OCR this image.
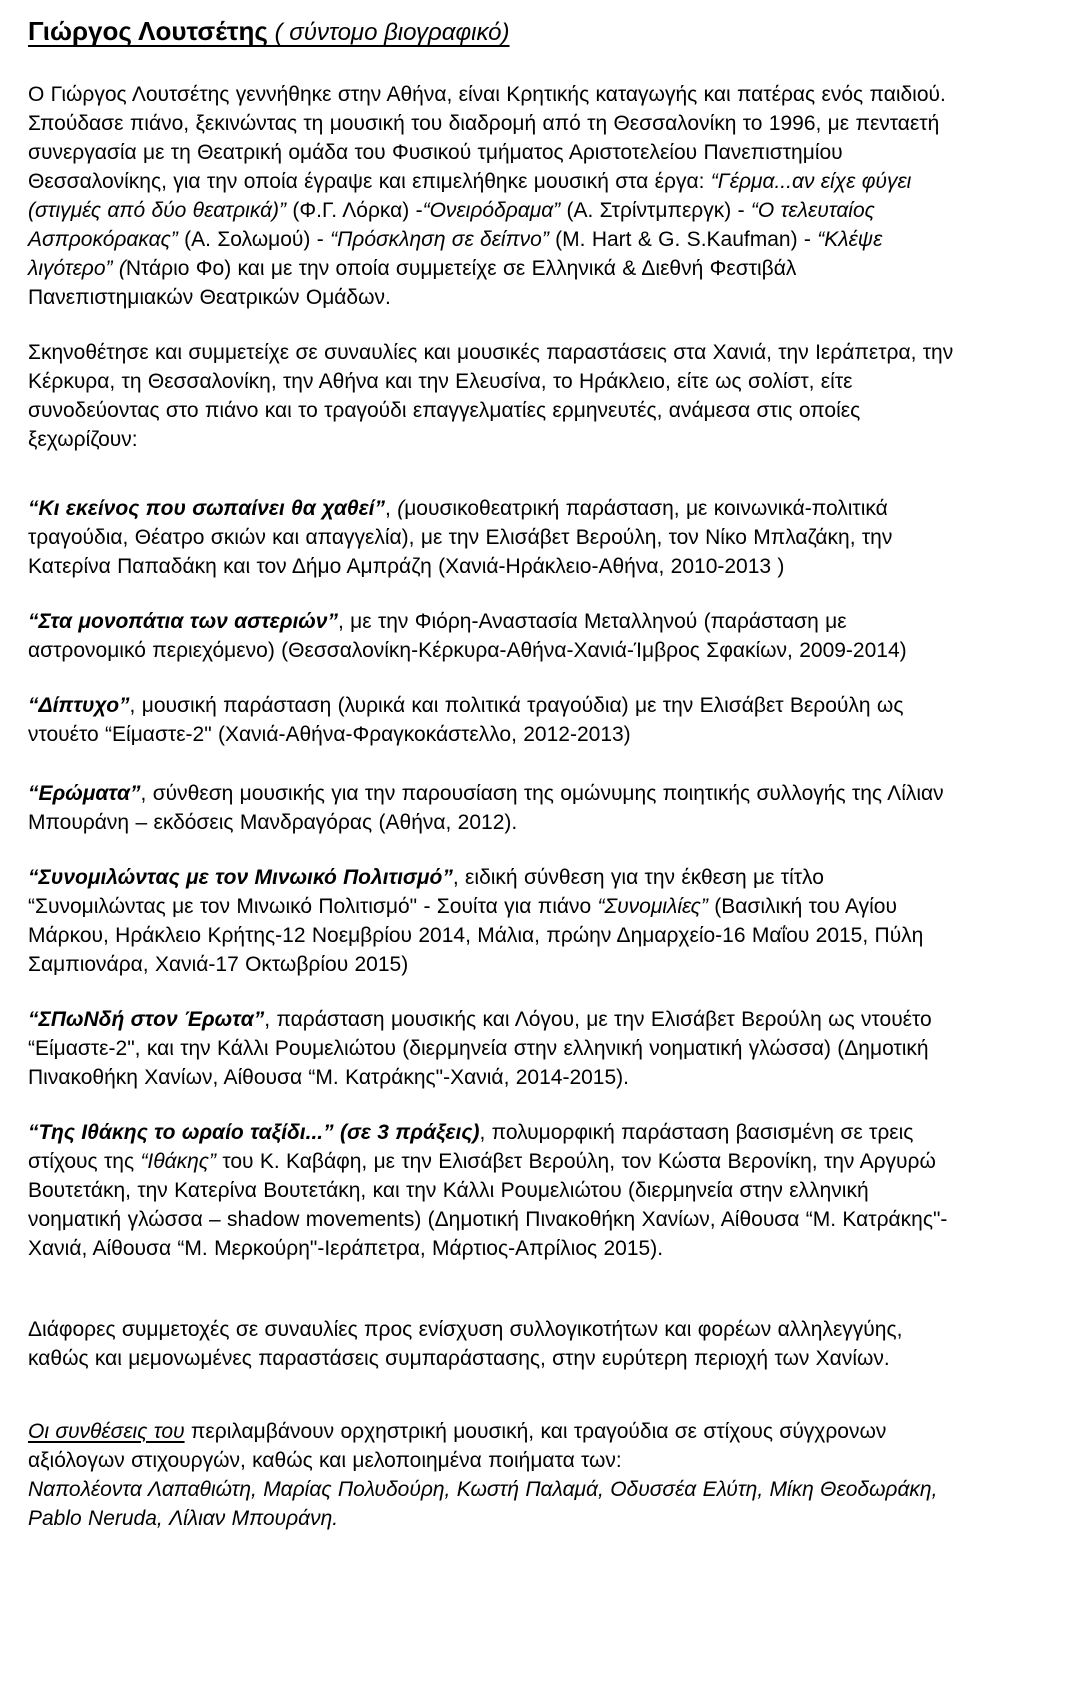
Γιώργος Λουτσέτης ( σύντομο βιογραφικό)

Ο Γιώργος Λουτσέτης γεννήθηκε στην Αθήνα, είναι Κρητικής καταγωγής και πατέρας ενός παιδιού.

Σπούδασε πιάνο, ξεκινώντας τη μουσική του διαδρομή από τη Θεσσαλονίκη το 1996, με πενταετή συνεργασία με τη Θεατρική ομάδα του Φυσικού τμήματος Αριστοτελείου Πανεπιστημίου Θεσσαλονίκης, για την οποία έγραψε και επιμελήθηκε μουσική στα έργα: “Γέρμα...αν είχε φύγει (στιγμές από δύο θεατρικά)” (Φ.Γ. Λόρκα) -“Ονειρόδραμα” (Α. Στρίντμπεργκ) - “Ο τελευταίος Ασπροκόρακας” (Α. Σολωμού) - “Πρόσκληση σε δείπνο” (M. Hart & G. S.Kaufman) - “Κλέψε λιγότερο” (Ντάριο Φο) και με την οποία συμμετείχε σε Ελληνικά & Διεθνή Φεστιβάλ Πανεπιστημιακών Θεατρικών Ομάδων.

Σκηνοθέτησε και συμμετείχε σε συναυλίες και μουσικές παραστάσεις στα Χανιά, την Ιεράπετρα, την Κέρκυρα, τη Θεσσαλονίκη, την Αθήνα και την Ελευσίνα, το Ηράκλειο, είτε ως σολίστ, είτε συνοδεύοντας στο πιάνο και το τραγούδι επαγγελματίες ερμηνευτές, ανάμεσα στις οποίες ξεχωρίζουν:

“Κι εκείνος που σωπαίνει θα χαθεί”, (μουσικοθεατρική παράσταση, με κοινωνικά-πολιτικά τραγούδια, Θέατρο σκιών και απαγγελία), με την Ελισάβετ Βερούλη, τον Νίκο Μπλαζάκη, την Κατερίνα Παπαδάκη και τον Δήμο Αμπράζη (Χανιά-Ηράκλειο-Αθήνα, 2010-2013 )

“Στα μονοπάτια των αστεριών”, με την Φιόρη-Αναστασία Μεταλληνού (παράσταση με αστρονομικό περιεχόμενο) (Θεσσαλονίκη-Κέρκυρα-Αθήνα-Χανιά-Ίμβρος Σφακίων, 2009-2014)

“Δίπτυχο”, μουσική παράσταση (λυρικά και πολιτικά τραγούδια) με την Ελισάβετ Βερούλη ως ντουέτο “Είμαστε-2" (Χανιά-Αθήνα-Φραγκοκάστελλο, 2012-2013)

“Ερώματα”, σύνθεση μουσικής για την παρουσίαση της ομώνυμης ποιητικής συλλογής της Λίλιαν Μπουράνη – εκδόσεις Μανδραγόρας (Αθήνα, 2012).

“Συνομιλώντας με τον Μινωικό Πολιτισμό”, ειδική σύνθεση για την έκθεση με τίτλο “Συνομιλώντας με τον Μινωικό Πολιτισμό" - Σουίτα για πιάνο “Συνομιλίες” (Βασιλική του Αγίου Μάρκου, Ηράκλειο Κρήτης-12 Νοεμβρίου 2014, Μάλια, πρώην Δημαρχείο-16 Μαΐου 2015, Πύλη Σαμπιονάρα, Χανιά-17 Οκτωβρίου 2015)

“ΣΠωΝδή στον Έρωτα”, παράσταση μουσικής και Λόγου, με την Ελισάβετ Βερούλη ως ντουέτο “Είμαστε-2", και την Κάλλι Ρουμελιώτου (διερμηνεία στην ελληνική νοηματική γλώσσα) (Δημοτική Πινακοθήκη Χανίων, Αίθουσα “Μ. Κατράκης"-Χανιά, 2014-2015).

“Της Ιθάκης το ωραίο ταξίδι...” (σε 3 πράξεις), πολυμορφική παράσταση βασισμένη σε τρεις στίχους της “Ιθάκης” του Κ. Καβάφη, με την Ελισάβετ Βερούλη, τον Κώστα Βερονίκη, την Αργυρώ Βουτετάκη, την Κατερίνα Βουτετάκη, και την Κάλλι Ρουμελιώτου (διερμηνεία στην ελληνική νοηματική γλώσσα – shadow movements) (Δημοτική Πινακοθήκη Χανίων, Αίθουσα “Μ. Κατράκης"-Χανιά, Αίθουσα “Μ. Μερκούρη"-Ιεράπετρα, Μάρτιος-Απρίλιος 2015).

Διάφορες συμμετοχές σε συναυλίες προς ενίσχυση συλλογικοτήτων και φορέων αλληλεγγύης, καθώς και μεμονωμένες παραστάσεις συμπαράστασης, στην ευρύτερη περιοχή των Χανίων.

Οι συνθέσεις του περιλαμβάνουν ορχηστρική μουσική, και τραγούδια σε στίχους σύγχρονων αξιόλογων στιχουργών, καθώς και μελοποιημένα ποιήματα των:

Ναπολέοντα Λαπαθιώτη, Μαρίας Πολυδούρη, Κωστή Παλαμά, Οδυσσέα Ελύτη, Μίκη Θεοδωράκη, Pablo Neruda, Λίλιαν Μπουράνη.
